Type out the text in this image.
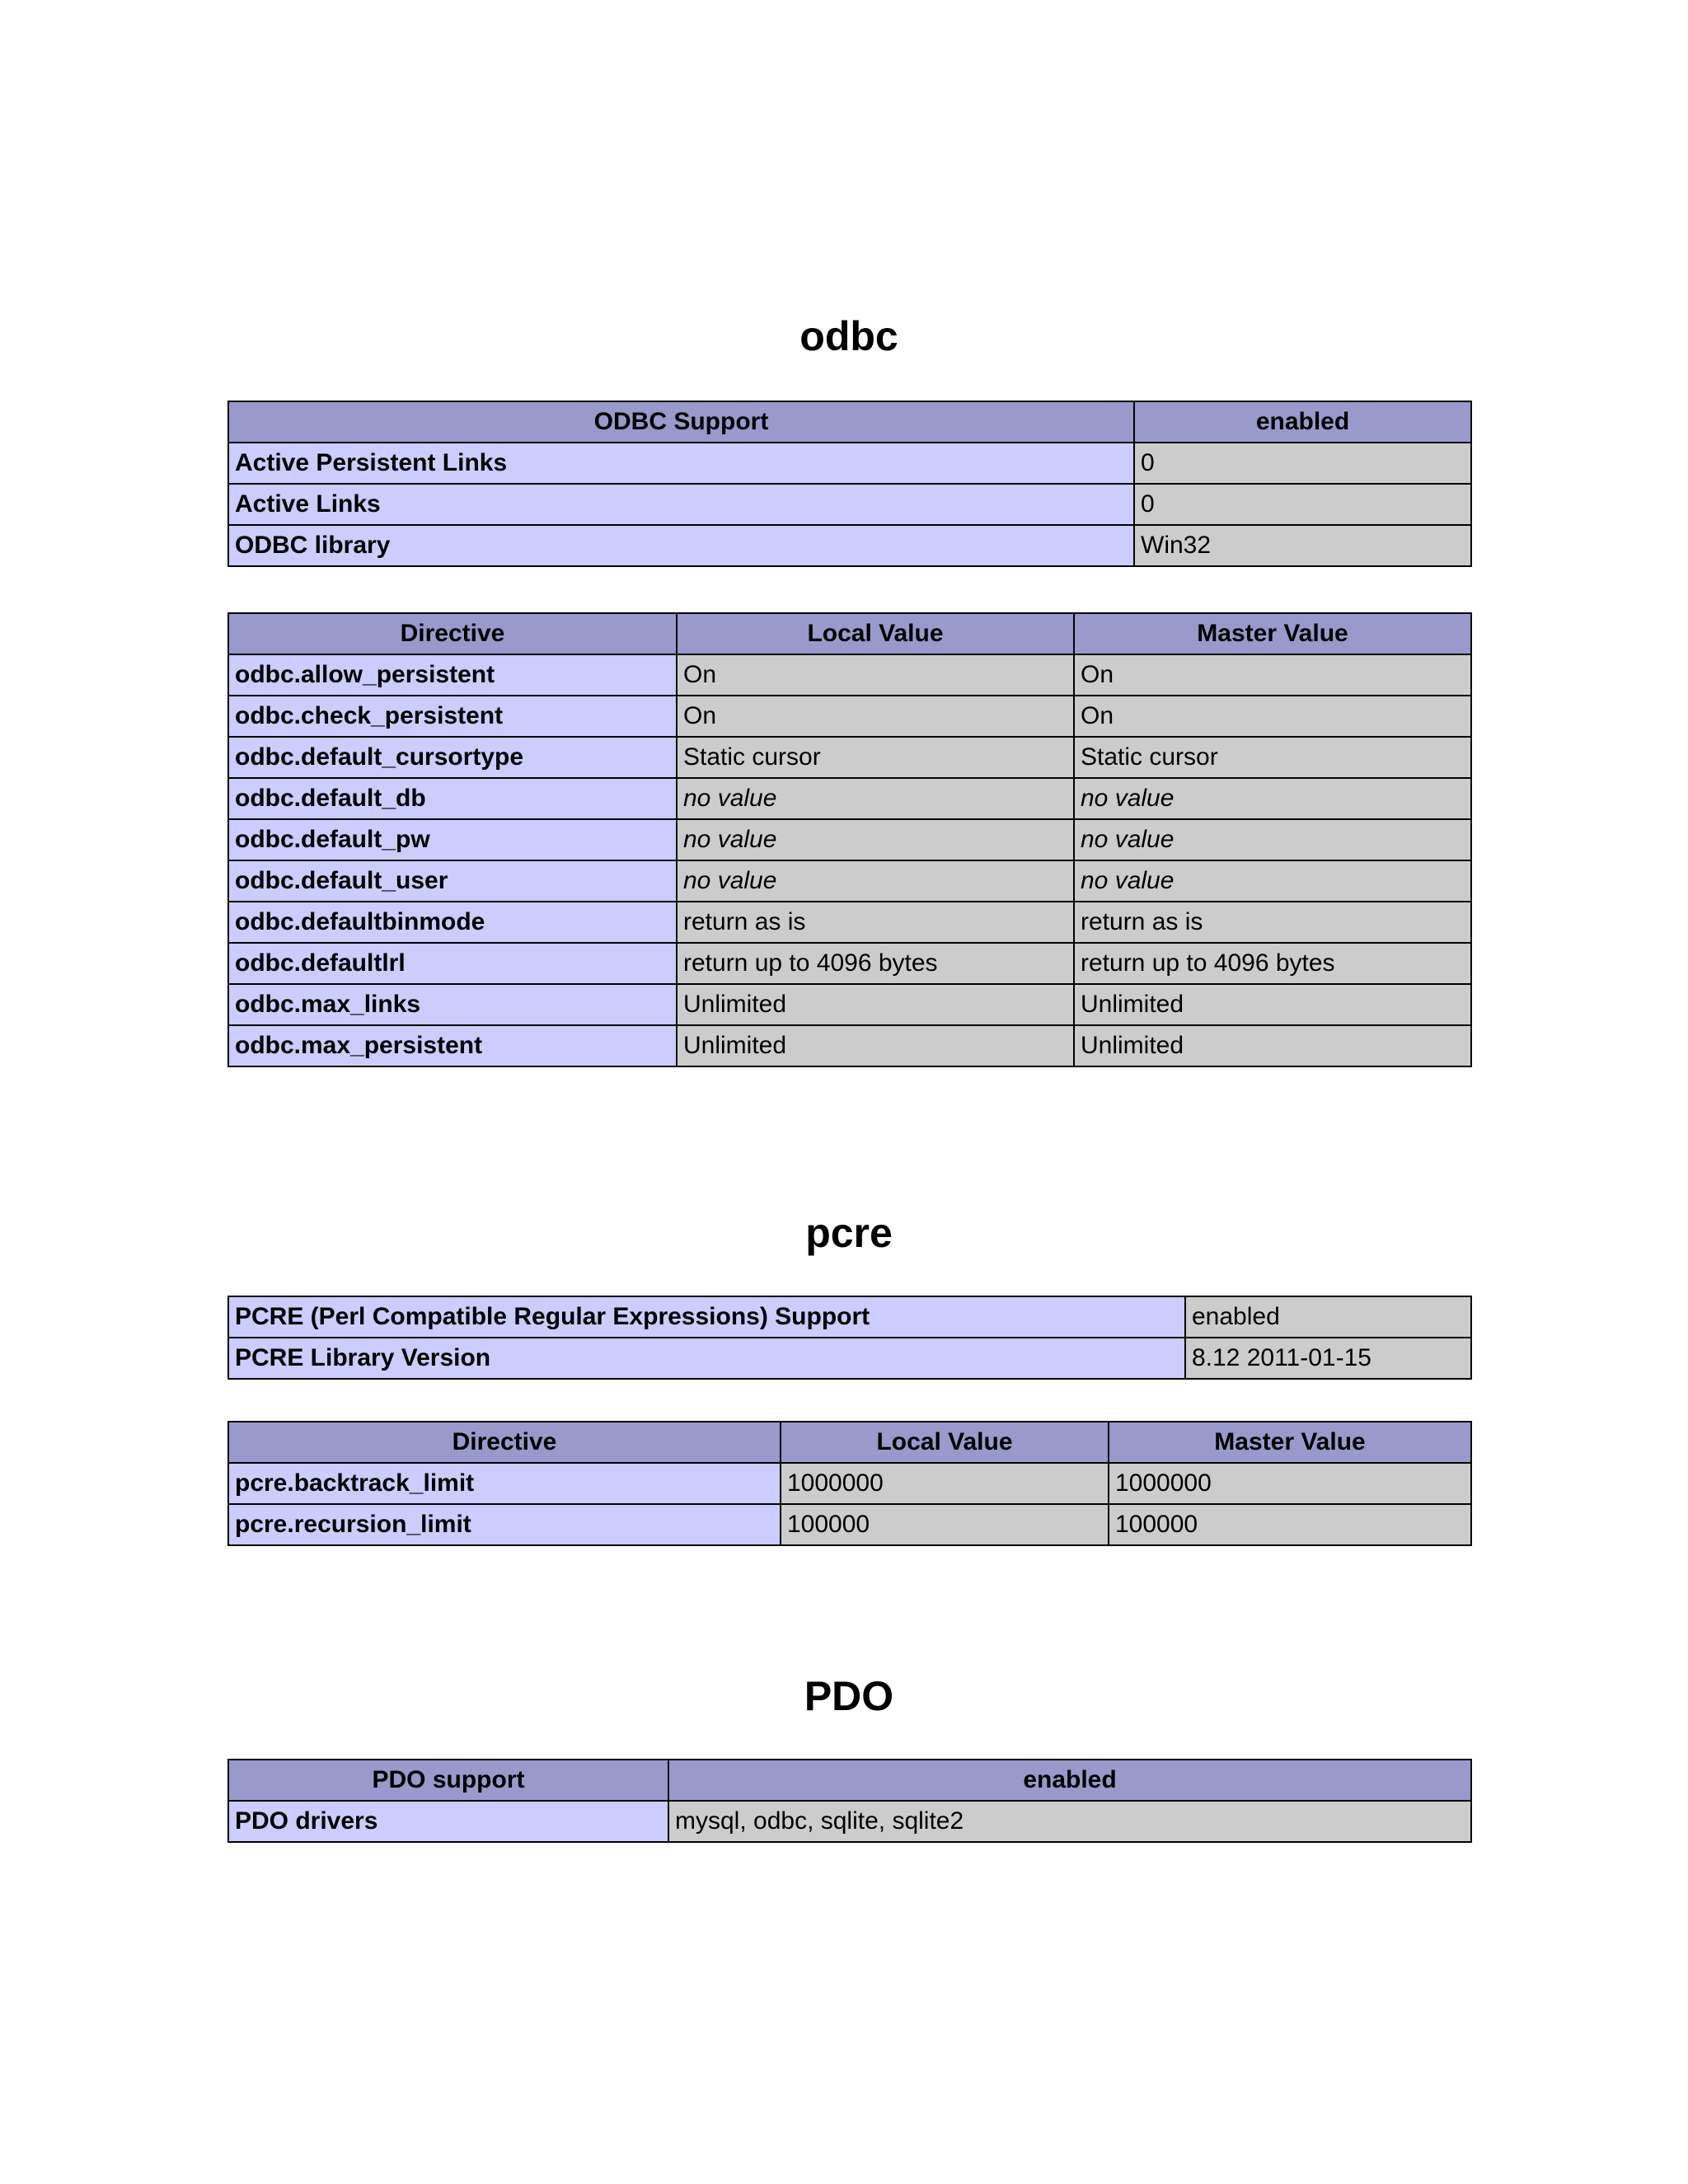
odbc
ODBC Support	enabled
Active Persistent Links	0
Active Links	0
ODBC library	Win32
Directive	Local Value	Master Value
odbc.allow_persistent	On	On
odbc.check_persistent	On	On
odbc.default_cursortype	Static cursor	Static cursor
odbc.default_db	no value	no value
odbc.default_pw	no value	no value
odbc.default_user	no value	no value
odbc.defaultbinmode	return as is	return as is
odbc.defaultlrl	return up to 4096 bytes	return up to 4096 bytes
odbc.max_links	Unlimited	Unlimited
odbc.max_persistent	Unlimited	Unlimited
pcre
PCRE (Perl Compatible Regular Expressions) Support	enabled
PCRE Library Version	8.12 2011-01-15
Directive	Local Value	Master Value
pcre.backtrack_limit	1000000	1000000
pcre.recursion_limit	100000	100000
PDO
PDO support	enabled
PDO drivers	mysql, odbc, sqlite, sqlite2
